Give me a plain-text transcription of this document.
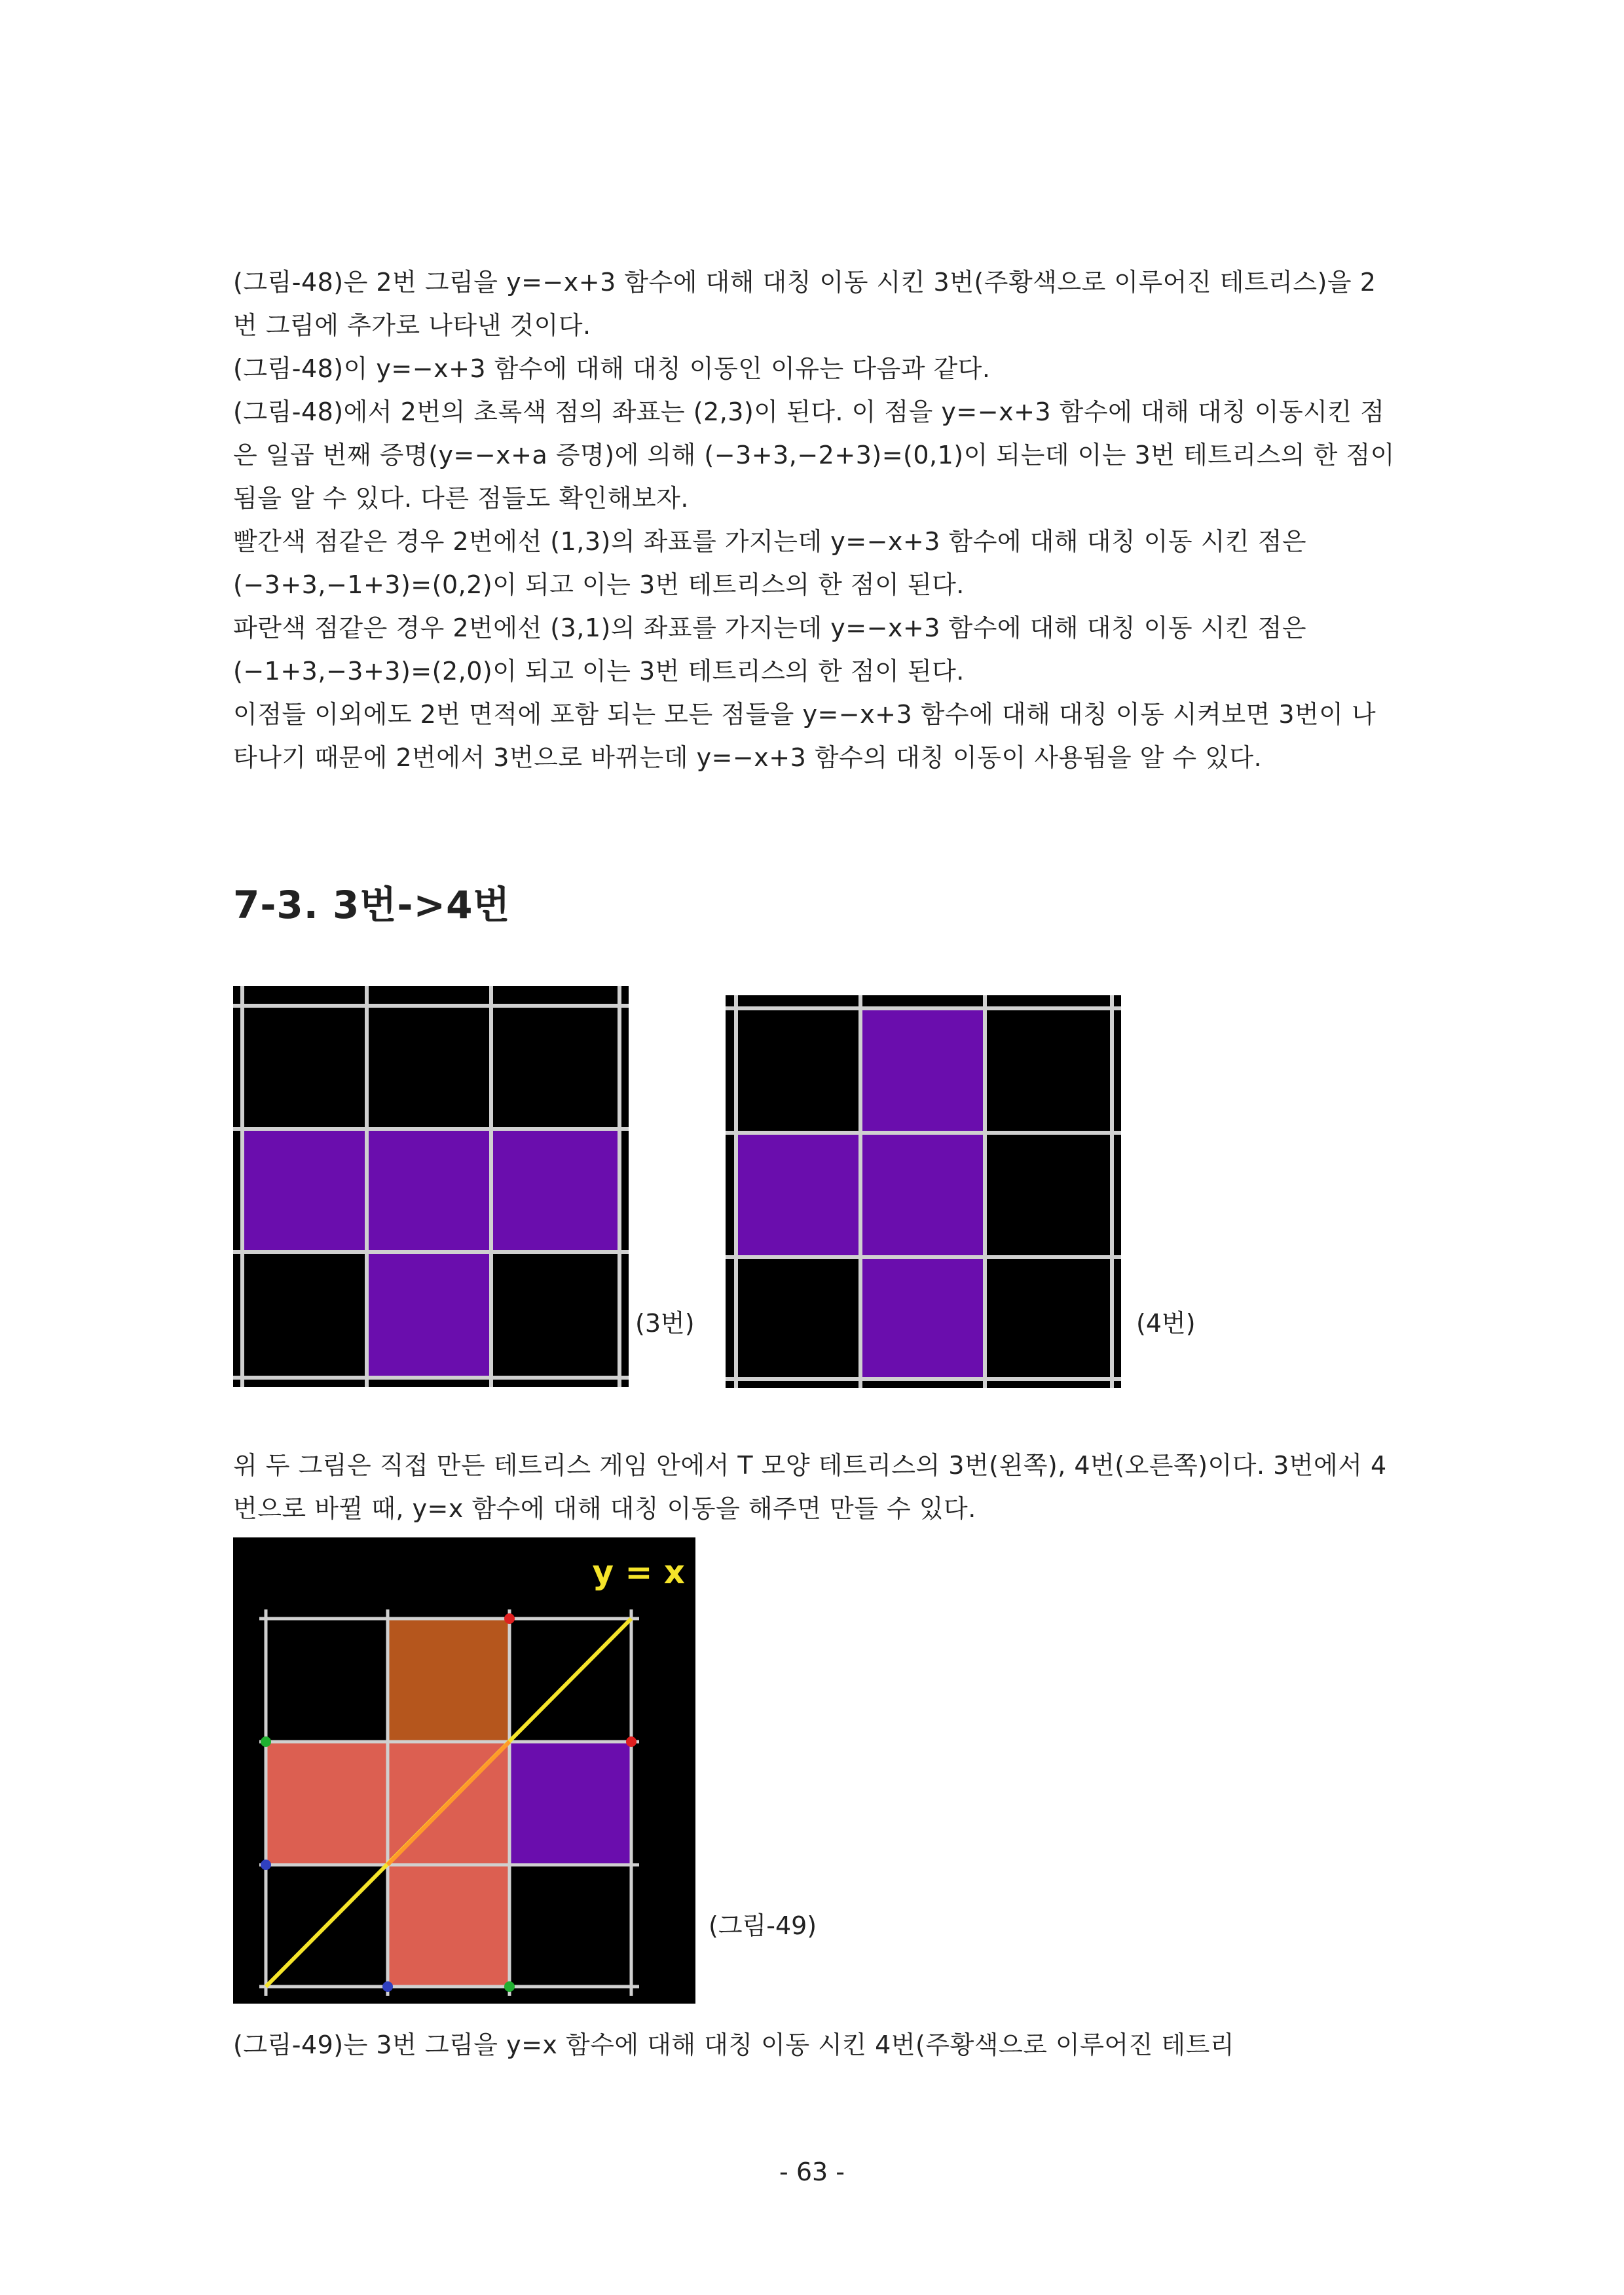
(그림-48)은 2번 그림을 y=−x+3 함수에 대해 대칭 이동 시킨 3번(주황색으로 이루어진 테트리스)을 2번 그림에 추가로 나타낸 것이다.

(그림-48)이 y=−x+3 함수에 대해 대칭 이동인 이유는 다음과 같다.

(그림-48)에서 2번의 초록색 점의 좌표는 (2,3)이 된다. 이 점을 y=−x+3 함수에 대해 대칭 이동시킨 점은 일곱 번째 증명(y=−x+a 증명)에 의해 (−3+3,−2+3)=(0,1)이 되는데 이는 3번 테트리스의 한 점이 됨을 알 수 있다. 다른 점들도 확인해보자.

빨간색 점같은 경우 2번에선 (1,3)의 좌표를 가지는데 y=−x+3 함수에 대해 대칭 이동 시킨 점은 (−3+3,−1+3)=(0,2)이 되고 이는 3번 테트리스의 한 점이 된다.

파란색 점같은 경우 2번에선 (3,1)의 좌표를 가지는데 y=−x+3 함수에 대해 대칭 이동 시킨 점은 (−1+3,−3+3)=(2,0)이 되고 이는 3번 테트리스의 한 점이 된다.

이점들 이외에도 2번 면적에 포함 되는 모든 점들을 y=−x+3 함수에 대해 대칭 이동 시켜보면 3번이 나타나기 때문에 2번에서 3번으로 바뀌는데 y=−x+3 함수의 대칭 이동이 사용됨을 알 수 있다.

7-3. 3번->4번
(3번)	(4번)

위 두 그림은 직접 만든 테트리스 게임 안에서 T 모양 테트리스의 3번(왼쪽), 4번(오른쪽)이다. 3번에서 4번으로 바뀔 때, y=x 함수에 대해 대칭 이동을 해주면 만들 수 있다.

y = x
(그림-49)

(그림-49)는 3번 그림을 y=x 함수에 대해 대칭 이동 시킨 4번(주황색으로 이루어진 테트리

- 63 -
